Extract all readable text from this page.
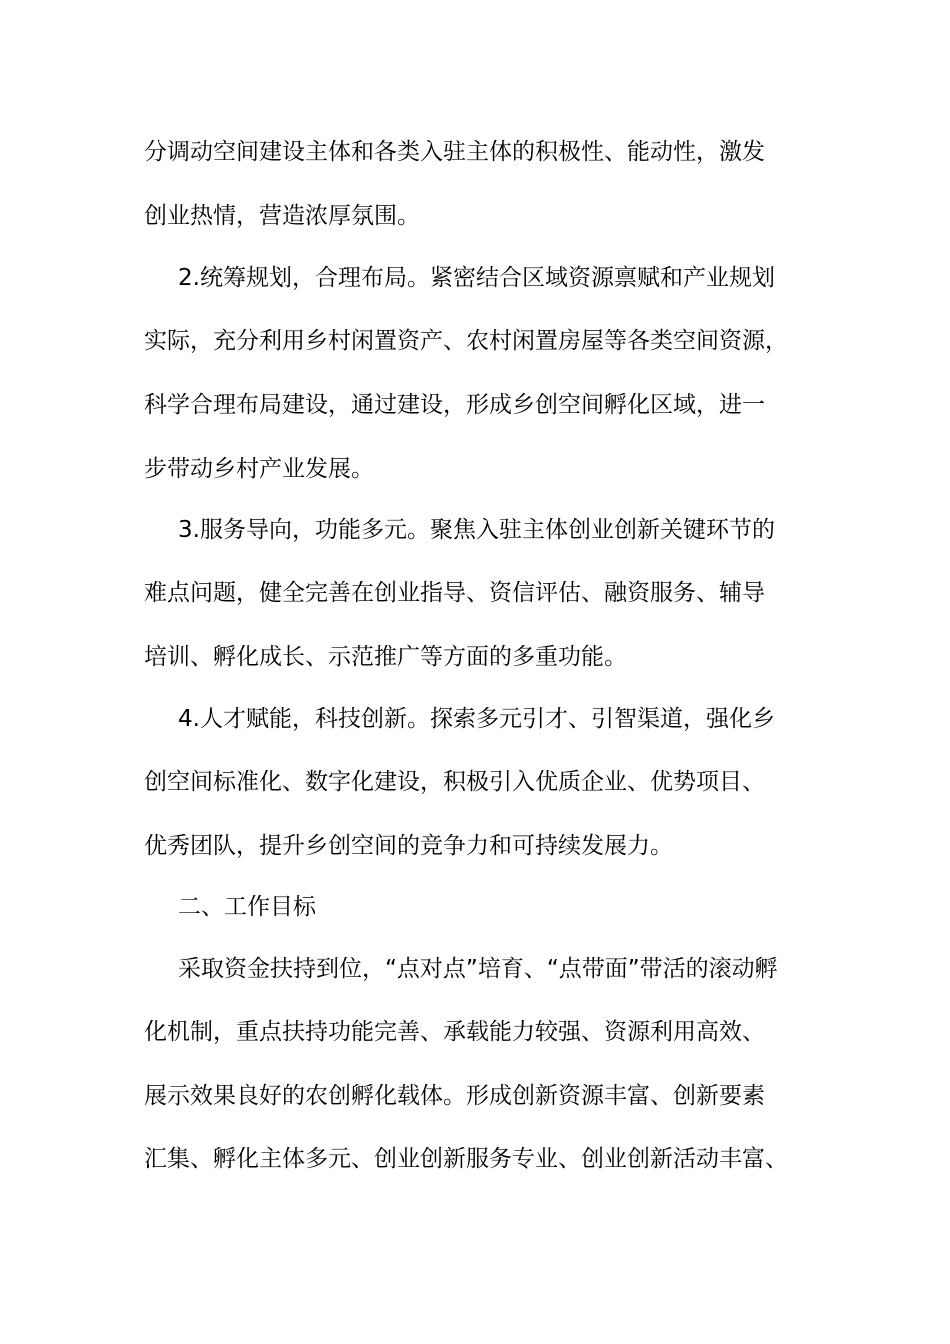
分调动空间建设主体和各类入驻主体的积极性、能动性，激发
创业热情，营造浓厚氛围。
2.统筹规划，合理布局。紧密结合区域资源禀赋和产业规划
实际，充分利用乡村闲置资产、农村闲置房屋等各类空间资源，
科学合理布局建设，通过建设，形成乡创空间孵化区域，进一
步带动乡村产业发展。
3.服务导向，功能多元。聚焦入驻主体创业创新关键环节的
难点问题，健全完善在创业指导、资信评估、融资服务、辅导
培训、孵化成长、示范推广等方面的多重功能。
4.人才赋能，科技创新。探索多元引才、引智渠道，强化乡
创空间标准化、数字化建设，积极引入优质企业、优势项目、
优秀团队，提升乡创空间的竞争力和可持续发展力。
二、工作目标
采取资金扶持到位，“点对点”培育、“点带面”带活的滚动孵
化机制，重点扶持功能完善、承载能力较强、资源利用高效、
展示效果良好的农创孵化载体。形成创新资源丰富、创新要素
汇集、孵化主体多元、创业创新服务专业、创业创新活动丰富、
